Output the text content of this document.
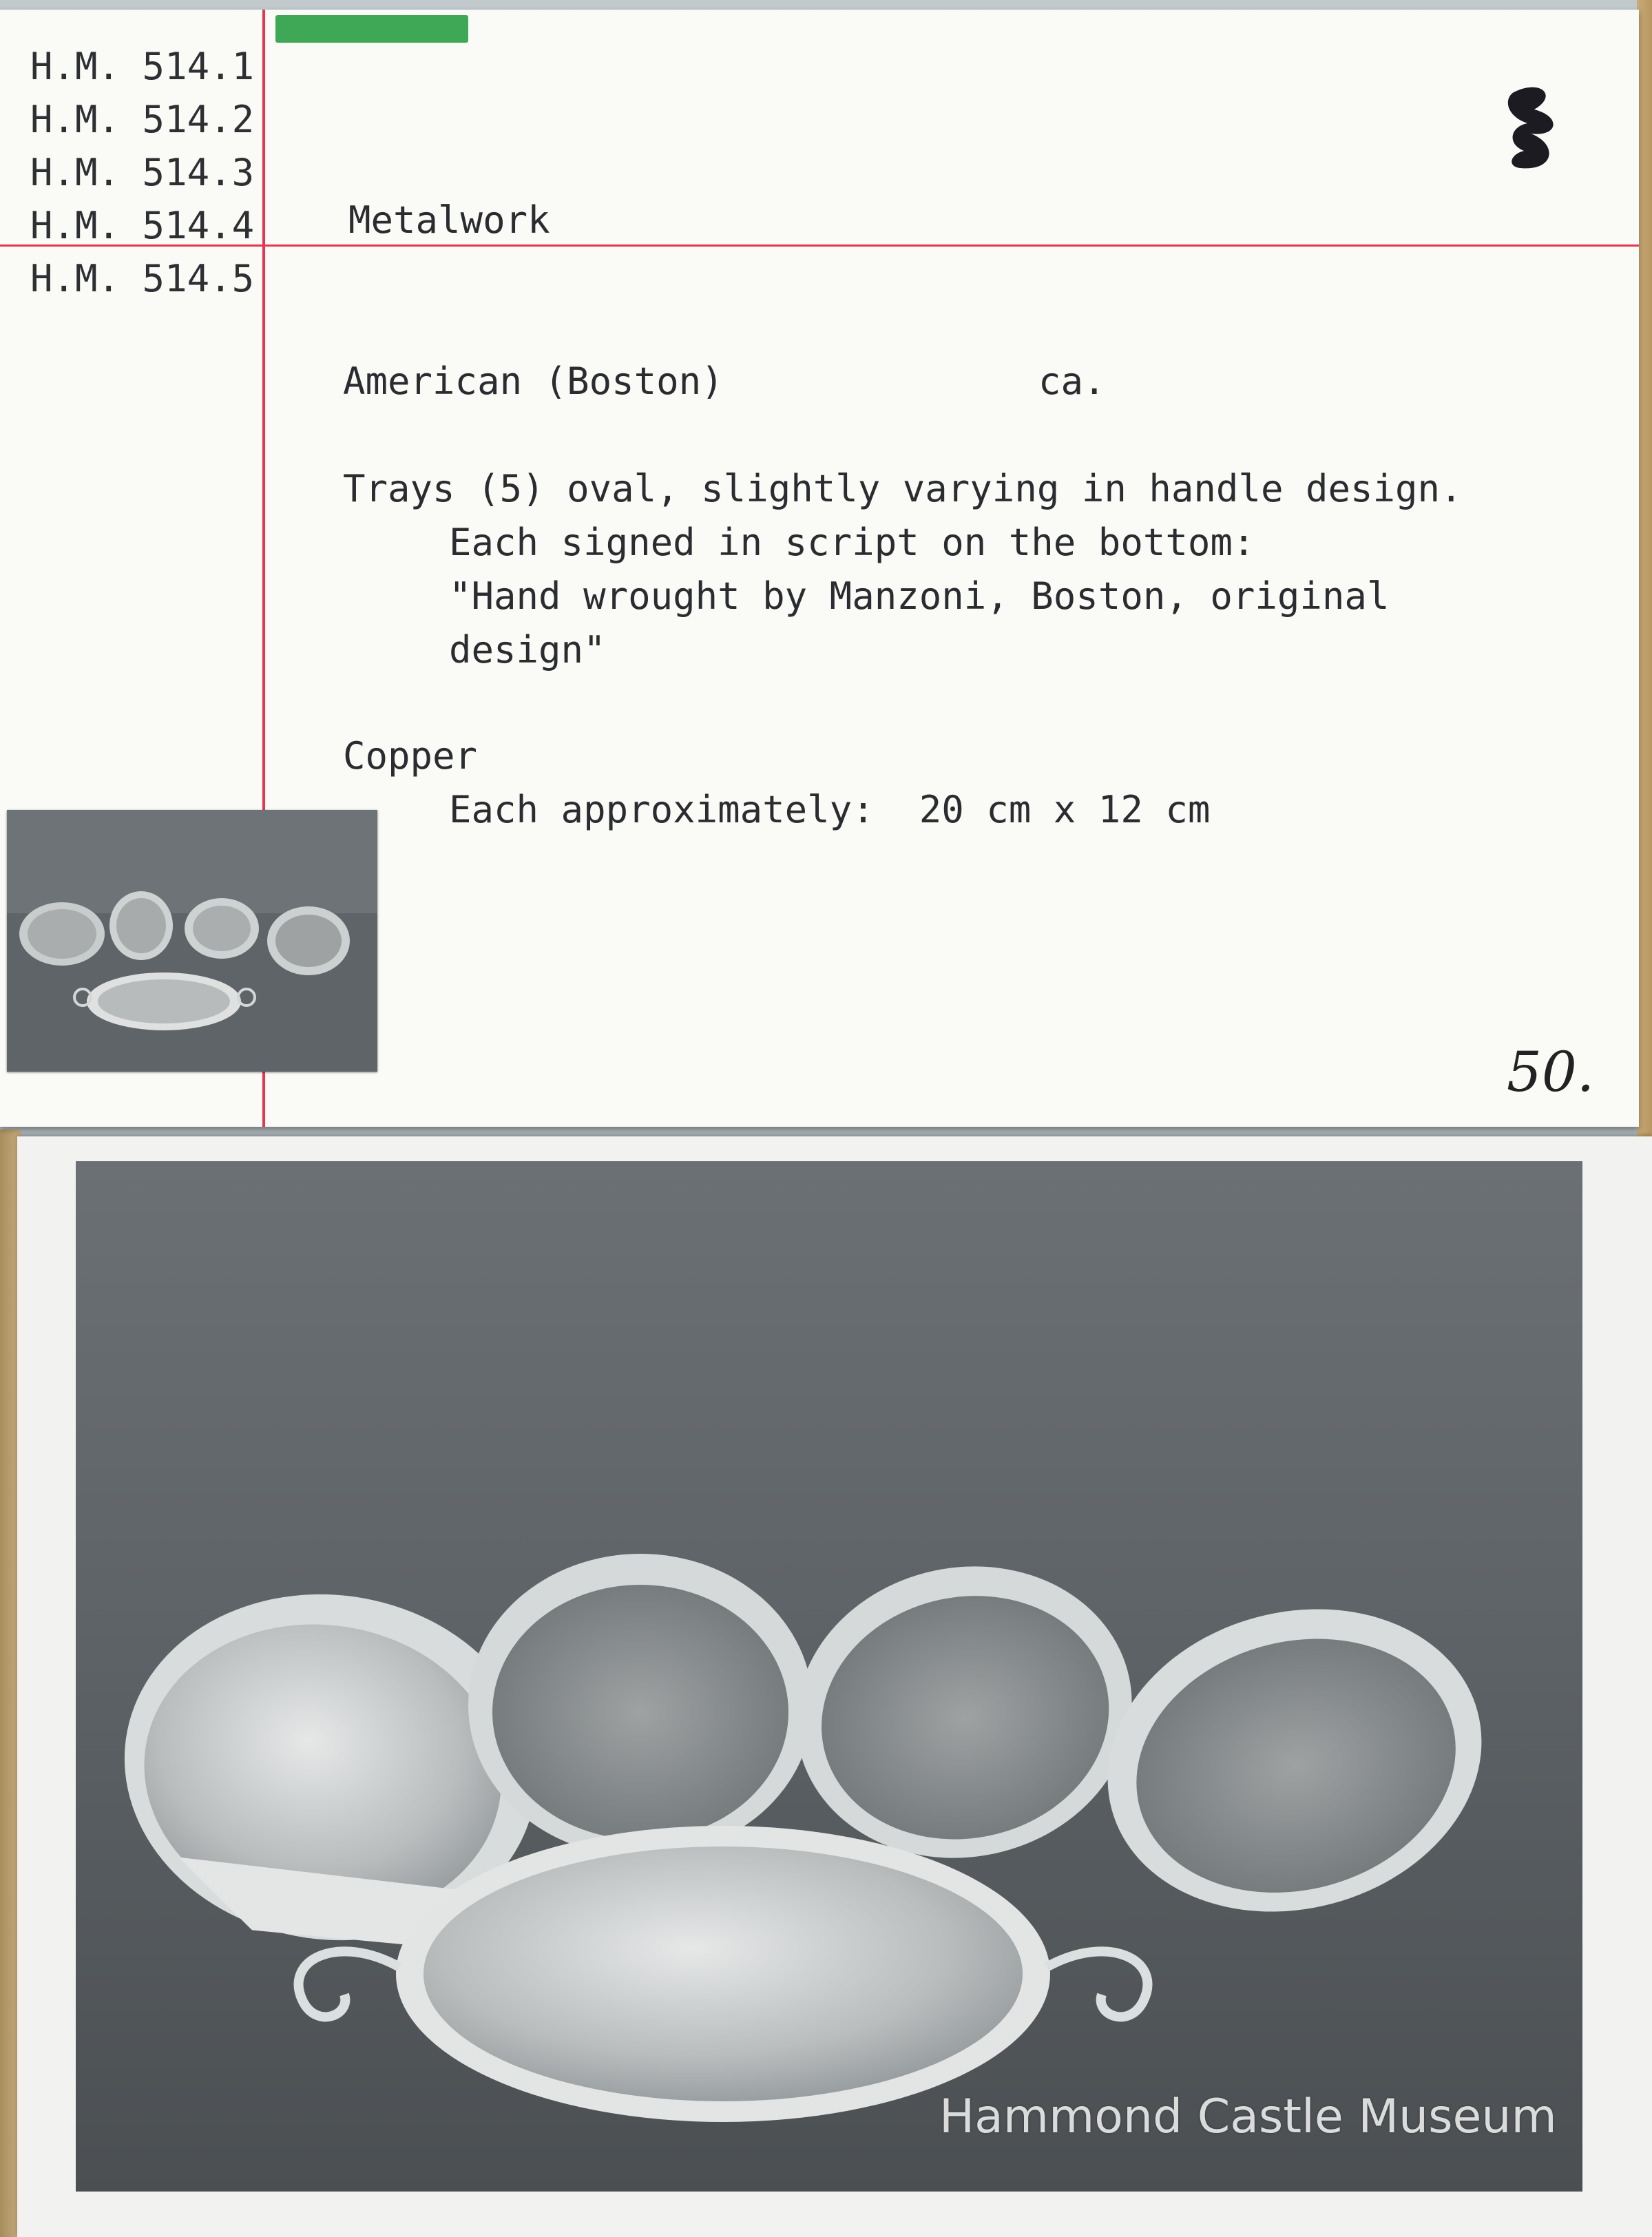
H.M. 514.1
H.M. 514.2
H.M. 514.3
H.M. 514.4
H.M. 514.5
Metalwork
American (Boston)	ca.
Trays (5) oval, slightly varying in handle design.
Each signed in script on the bottom:
"Hand wrought by Manzoni, Boston, original
design"
Copper
Each approximately:  20 cm x 12 cm
50.
Hammond Castle Museum
